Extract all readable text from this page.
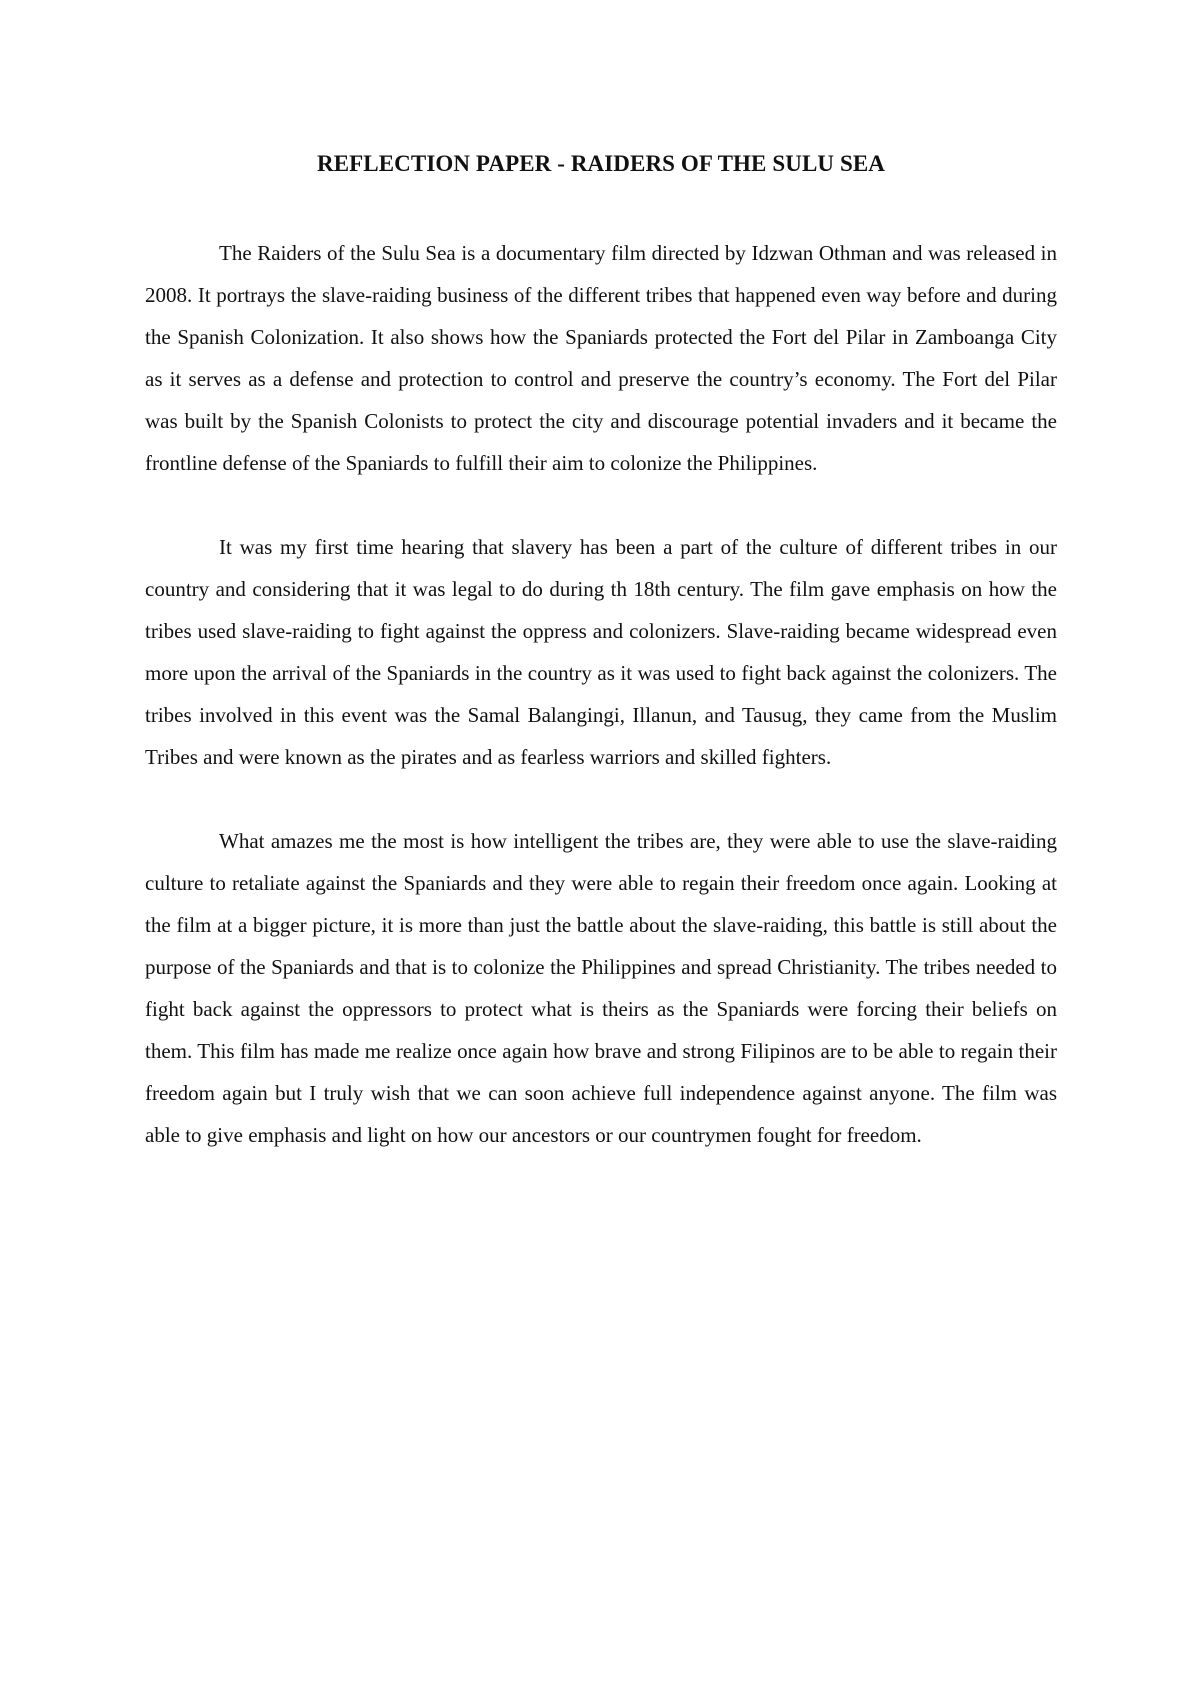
REFLECTION PAPER - RAIDERS OF THE SULU SEA

The Raiders of the Sulu Sea is a documentary film directed by Idzwan Othman and was released in 2008. It portrays the slave-raiding business of the different tribes that happened even way before and during the Spanish Colonization. It also shows how the Spaniards protected the Fort del Pilar in Zamboanga City as it serves as a defense and protection to control and preserve the country’s economy. The Fort del Pilar was built by the Spanish Colonists to protect the city and discourage potential invaders and it became the frontline defense of the Spaniards to fulfill their aim to colonize the Philippines.

It was my first time hearing that slavery has been a part of the culture of different tribes in our country and considering that it was legal to do during th 18th century. The film gave emphasis on how the tribes used slave-raiding to fight against the oppress and colonizers. Slave-raiding became widespread even more upon the arrival of the Spaniards in the country as it was used to fight back against the colonizers. The tribes involved in this event was the Samal Balangingi, Illanun, and Tausug, they came from the Muslim Tribes and were known as the pirates and as fearless warriors and skilled fighters.

What amazes me the most is how intelligent the tribes are, they were able to use the slave-raiding culture to retaliate against the Spaniards and they were able to regain their freedom once again. Looking at the film at a bigger picture, it is more than just the battle about the slave-raiding, this battle is still about the purpose of the Spaniards and that is to colonize the Philippines and spread Christianity. The tribes needed to fight back against the oppressors to protect what is theirs as the Spaniards were forcing their beliefs on them. This film has made me realize once again how brave and strong Filipinos are to be able to regain their freedom again but I truly wish that we can soon achieve full independence against anyone. The film was able to give emphasis and light on how our ancestors or our countrymen fought for freedom.
